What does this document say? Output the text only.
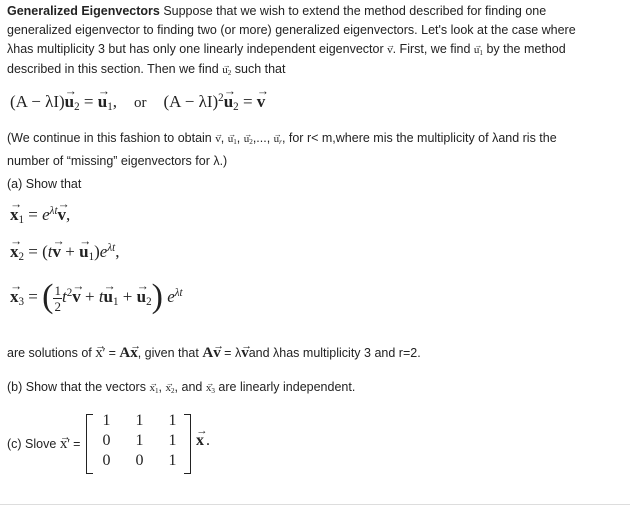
Generalized Eigenvectors Suppose that we wish to extend the method described for finding one
generalized eigenvector to finding two (or more) generalized eigenvectors. Let's look at the case where
λhas multiplicity 3 but has only one linearly independent eigenvector → v. First, we find → $u_1$ by the method
described in this section. Then we find → $u_2$ such that
$(A - \lambda I)\to u_2$ = → $u_1$, or $(A - \lambda I)^2\to u_2$ = → v
(We continue in this fashion to obtain → v, → $u_1$, → $u_2$,..., → $u_r$, for r< m,where mis the multiplicity of λand ris the
number of “missing” eigenvectors for λ.)
(a) Show that
→ $x_1 = e^{\lambda t}\to v$,
→ $x_2 = (t\to v$ + → $u_1)e^{\lambda t}$,
→ $x_3$ = ( $\frac{1}{2} t^2\to v + t\to u_1$ + → $u_2$) $e^{\lambda t}$
are solutions of → x′ = A→ x, given that A→ v = λ→ vand λhas multiplicity 3 and r=2.
(b) Show that the vectors → $x_1$, → $x_2$, and → $x_3$ are linearly independent.
(c) Slove → x′ =
1	1	1
0	1	1
0	0	1
→ x .
